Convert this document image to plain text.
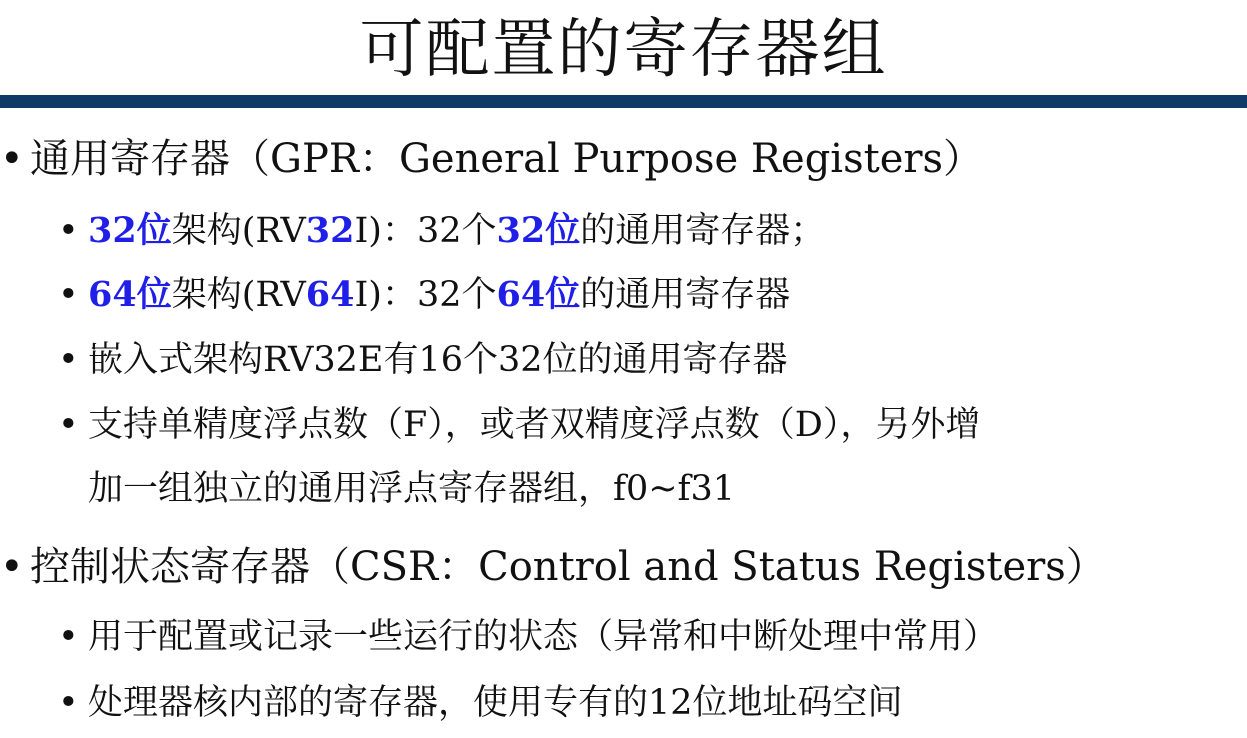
可配置的寄存器组
• 通用寄存器（GPR：General Purpose Registers）
• 32位架构(RV32I)：32个32位的通用寄存器；
• 64位架构(RV64I)：32个64位的通用寄存器
• 嵌入式架构RV32E有16个32位的通用寄存器
• 支持单精度浮点数（F），或者双精度浮点数（D），另外增
加一组独立的通用浮点寄存器组，f0~f31
• 控制状态寄存器（CSR：Control and Status Registers）
• 用于配置或记录一些运行的状态（异常和中断处理中常用）
• 处理器核内部的寄存器，使用专有的12位地址码空间
